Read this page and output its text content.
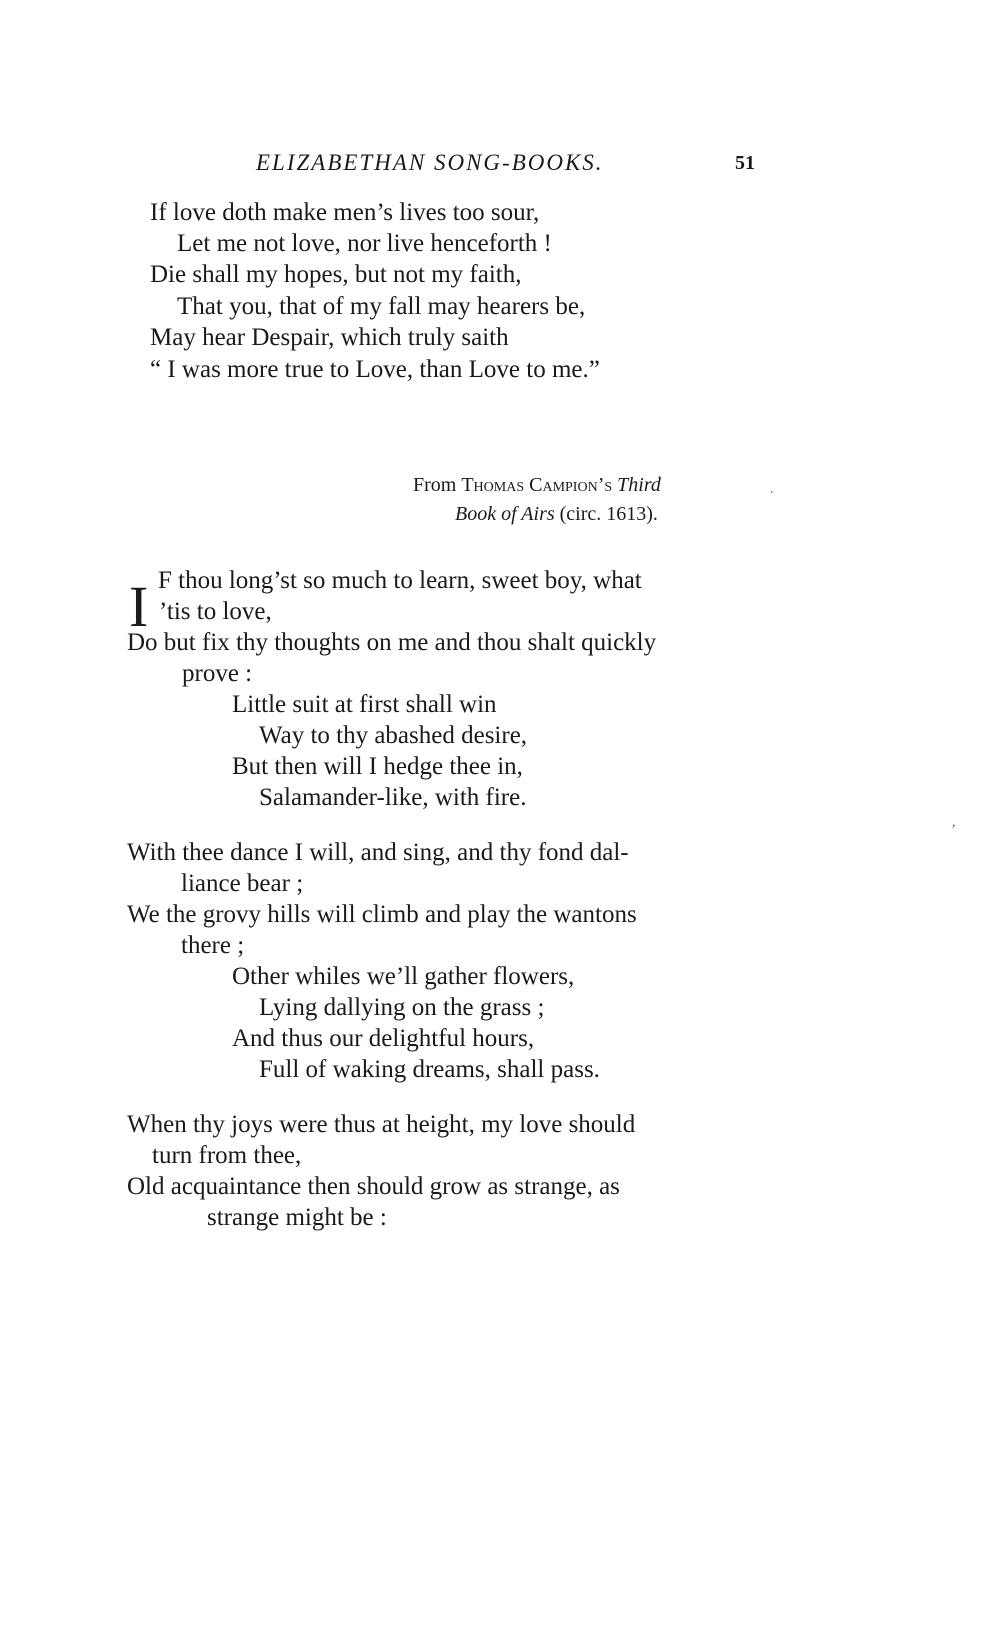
ELIZABETHAN SONG-BOOKS.	51
If love doth make men’s lives too sour,
Let me not love, nor live henceforth !
Die shall my hopes, but not my faith,
That you, that of my fall may hearers be,
May hear Despair, which truly saith
“ I was more true to Love, than Love to me.”
From Thomas Campion’s Third
Book of Airs (circ. 1613).
.
I F thou long’st so much to learn, sweet boy, what
’tis to love,
Do but fix thy thoughts on me and thou shalt quickly
prove :
Little suit at first shall win
Way to thy abashed desire,
But then will I hedge thee in,
Salamander-like, with fire.
,
With thee dance I will, and sing, and thy fond dal-
liance bear ;
We the grovy hills will climb and play the wantons
there ;
Other whiles we’ll gather flowers,
Lying dallying on the grass ;
And thus our delightful hours,
Full of waking dreams, shall pass.
When thy joys were thus at height, my love should
turn from thee,
Old acquaintance then should grow as strange, as
strange might be :
